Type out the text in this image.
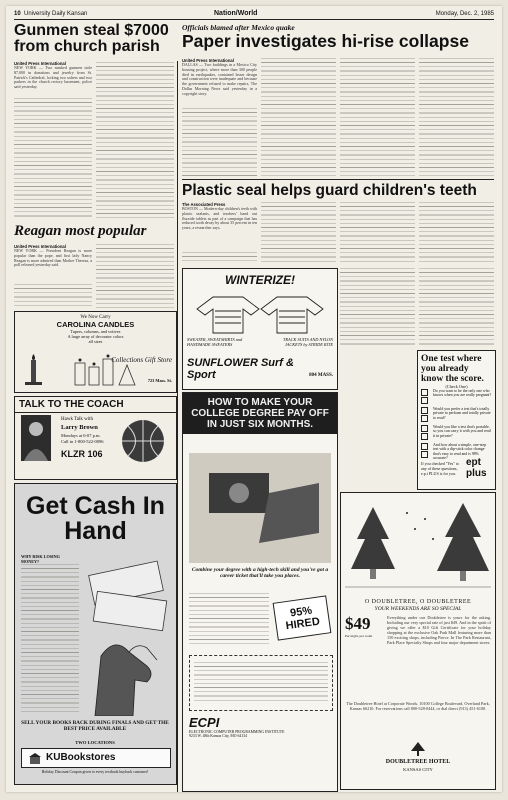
10 University Daily Kansan	Nation/World	Monday, Dec. 2, 1985
Gunmen steal $7000 from church parish
United Press International
NEW YORK — Two masked gunmen stole $7,000 in donations and jewelry from St. Patrick's Cathedral, locking two ushers and two parkers in the church rectory basement, police said yesterday.
Reagan most popular
United Press International
NEW YORK — President Reagan is more popular than the pope, and first lady Nancy Reagan is more admired than Mother Theresa, a poll released yesterday said.
We Now Carry
CAROLINA CANDLES
Tapers, columns, and votives
A large array of decorator colors
all sizes
Collections Gift Store
723 Mass. St.
TALK TO THE COACH
Hawk Talk with
Larry Brown
Mondays at 6-07 p.m.
Call in 1-800-522-0096
KLZR 106
Get Cash In Hand
WHY RISK LOSING MONEY?
SELL YOUR BOOKS BACK DURING FINALS AND GET THE BEST PRICE AVAILABLE
TWO LOCATIONS
KUBookstores
Holiday Discount Coupon given to every textbook buyback customer!
Officials blamed after Mexico quake
Paper investigates hi-rise collapse
United Press International
DALLAS — Two buildings in a Mexico City housing project, where more than 300 people died in earthquakes, contained lesser design and construction were inadequate and because the government refused to make repairs, The Dallas Morning News said yesterday in a copyright story.
Plastic seal helps guard children's teeth
The Associated Press
BOSTON — Modern-day children's teeth with plastic sealants, and teachers' hand out fluoride tablets as part of a campaign that has reduced tooth decay by about 35 percent in ten years, a researcher says.
WINTERIZE!
SWEATER, SWEATSHIRTS and HANDMADE SWEATERS
TRACK SUITS AND NYLON JACKETS by STRIDE RITE
SUNFLOWER Surf & Sport	804 MASS.
One test where you already know the score.
(Check One)
Do you want to be the only one who knows when you are really pregnant?
Would you prefer a test that's totally private to perform and totally private to read?
Would you like a test that's portable, so you can carry it with you and read it in private?
And how about a simple, one-step test with a dip-stick color change that's easy to read and is 98% accurate?
If you checked "Yes" to any of these questions, e.p.t PLUS is for you.
ept plus
HOW TO MAKE YOUR COLLEGE DEGREE PAY OFF IN JUST SIX MONTHS.
Combine your degree with a high-tech skill and you've got a career ticket that'll take you places.
95% HIRED
ECPI
ELECTRONIC COMPUTER PROGRAMMING INSTITUTE
9233 W. 48th Kansas City, MO 64134
O DOUBLETREE, O DOUBLETREE
YOUR WEEKENDS ARE SO SPECIAL
$49
Per night, per room
Everything under our Doubletree is yours for the asking. Including our very special rate of just $49. And in the spirit of giving we offer a $10 Gift Certificate for your holiday shopping at the exclusive Oak Park Mall featuring more than 150 exciting shops, including Pierce. In The Park Restaurant, Park Place Specialty Shops and four major department stores.
The Doubletree Hotel at Corporate Woods, 10100 College Boulevard, Overland Park, Kansas 66210. For reservations call 800-528-0444, or dial direct (913) 451-6100.
DOUBLETREE HOTEL
KANSAS CITY
